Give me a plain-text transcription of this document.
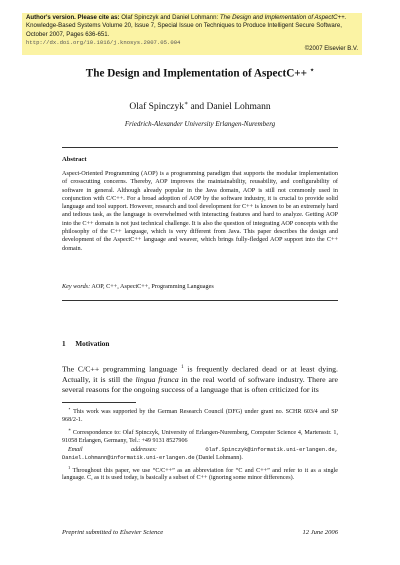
Author's version. Please cite as: Olaf Spinczyk and Daniel Lohmann: The Design and Implementation of AspectC++. Knowledge-Based Systems Volume 20, Issue 7, Special Issue on Techniques to Produce Intelligent Secure Software, October 2007, Pages 636-651.
http://dx.doi.org/10.1016/j.knosys.2007.05.004
©2007 Elsevier B.V.
The Design and Implementation of AspectC++ ⋆
Olaf Spinczyk∗ and Daniel Lohmann
Friedrich-Alexander University Erlangen-Nuremberg
Abstract
Aspect-Oriented Programming (AOP) is a programming paradigm that supports the modular implementation of crosscutting concerns. Thereby, AOP improves the maintainability, reusability, and configurability of software in general. Although already popular in the Java domain, AOP is still not commonly used in conjunction with C/C++. For a broad adoption of AOP by the software industry, it is crucial to provide solid language and tool support. However, research and tool development for C++ is known to be an extremely hard and tedious task, as the language is overwhelmed with interacting features and hard to analyze. Getting AOP into the C++ domain is not just technical challenge. It is also the question of integrating AOP concepts with the philosophy of the C++ language, which is very different from Java. This paper describes the design and development of the AspectC++ language and weaver, which brings fully-fledged AOP support into the C++ domain.
Key words: AOP, C++, AspectC++, Programming Languages
1 Motivation
The C/C++ programming language $^1$ is frequently declared dead or at least dying. Actually, it is still the lingua franca in the real world of software industry. There are several reasons for the ongoing success of a language that is often criticized for its

⋆ This work was supported by the German Research Council (DFG) under grant no. SCHR 603/4 and SP 968/2-1.

∗ Correspondence to: Olaf Spinczyk, University of Erlangen-Nuremberg, Computer Science 4, Martensstr. 1, 91058 Erlangen, Germany, Tel.: +49 9131 8527906

Email addresses:	Olaf.Spinczyk@informatik.uni-erlangen.de, Daniel.Lohmann@informatik.uni-erlangen.de (Daniel Lohmann).

$^1$ Throughout this paper, we use “C/C++” as an abbreviation for “C and C++” and refer to it as a single language. C, as it is used today, is basically a subset of C++ (ignoring some minor differences).

Preprint submitted to Elsevier Science	12 June 2006
